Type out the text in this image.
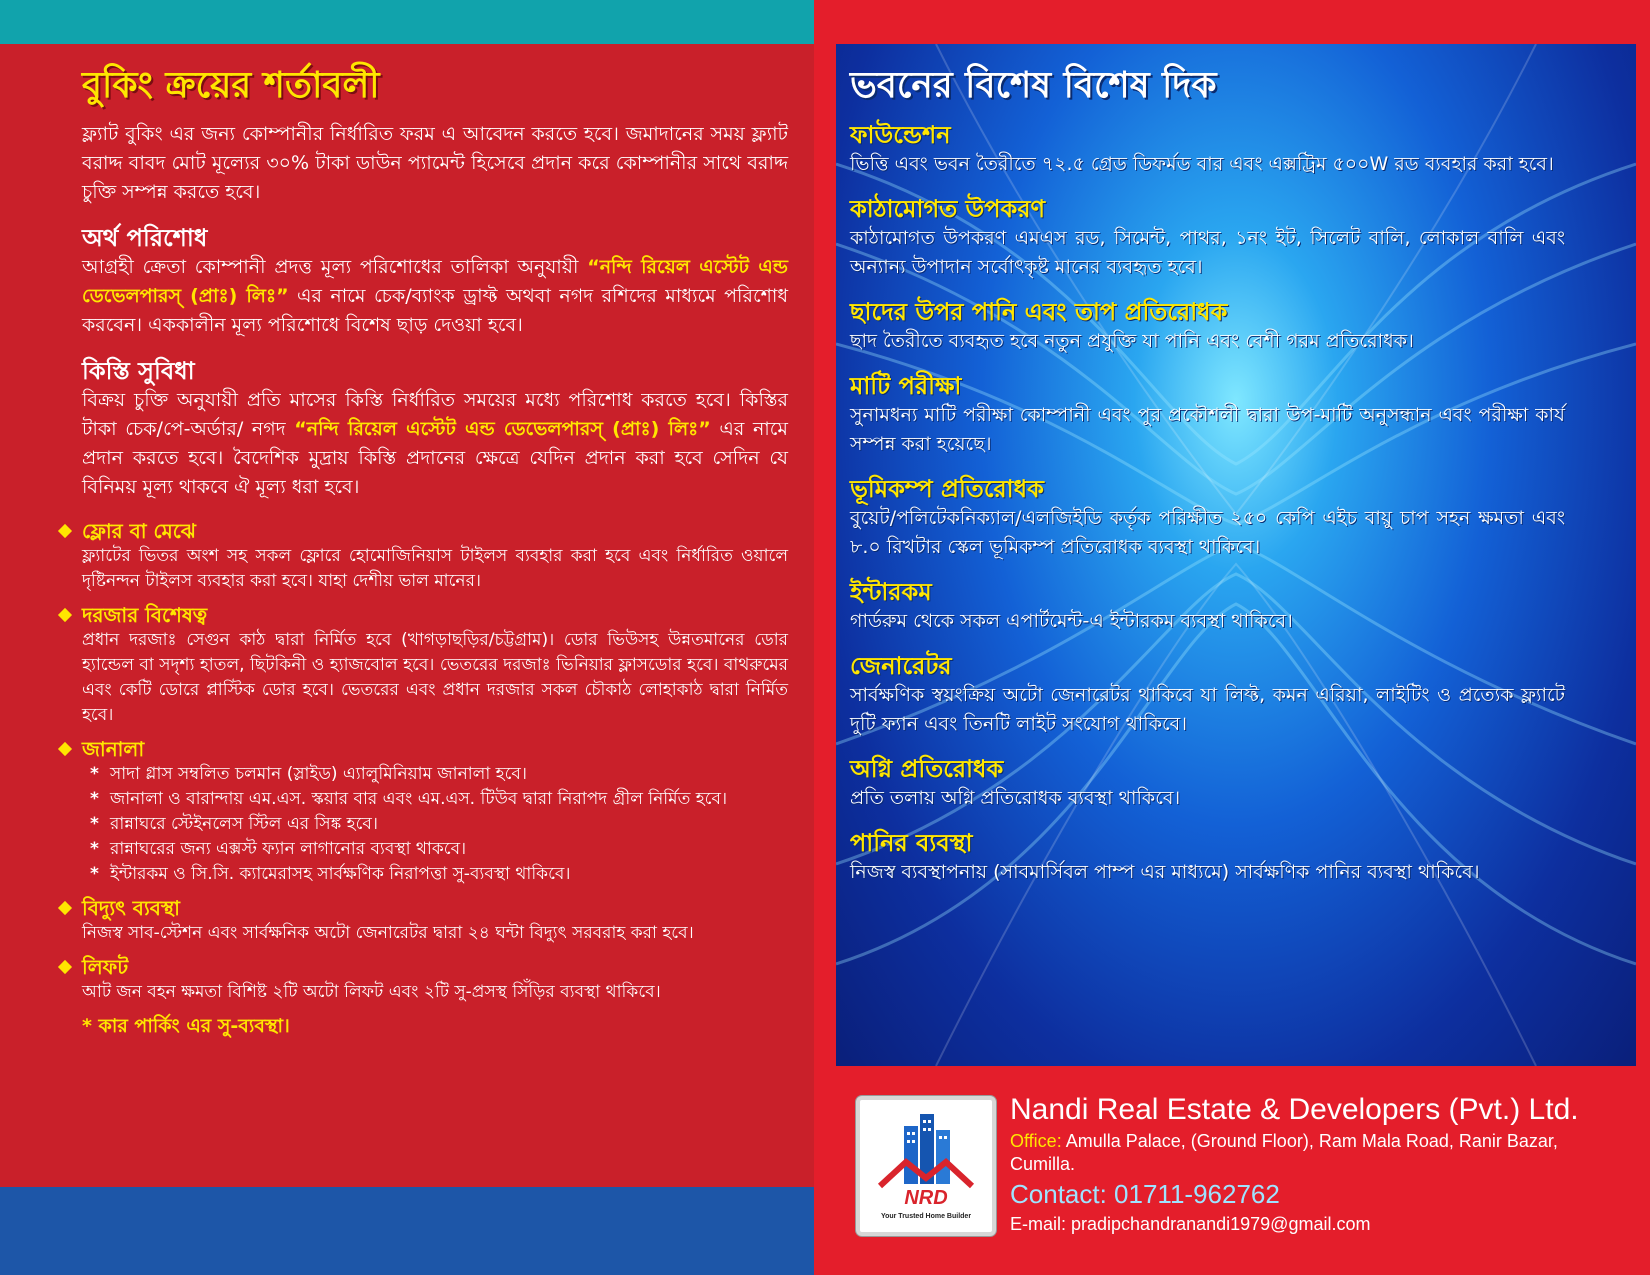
বুকিং ক্রয়ের শর্তাবলী

ফ্ল্যাট বুকিং এর জন্য কোম্পানীর নির্ধারিত ফরম এ আবেদন করতে হবে। জমাদানের সময় ফ্ল্যাট বরাদ্দ বাবদ মোট মূল্যের ৩০% টাকা ডাউন প্যামেন্ট হিসেবে প্রদান করে কোম্পানীর সাথে বরাদ্দ চুক্তি সম্পন্ন করতে হবে।

অর্থ পরিশোধ

আগ্রহী ক্রেতা কোম্পানী প্রদত্ত মূল্য পরিশোধের তালিকা অনুযায়ী “নন্দি রিয়েল এস্টেট এন্ড ডেভেলপারস্ (প্রাঃ) লিঃ” এর নামে চেক/ব্যাংক ড্রাফ্ট অথবা নগদ রশিদের মাধ্যমে পরিশোধ করবেন। এককালীন মূল্য পরিশোধে বিশেষ ছাড় দেওয়া হবে।

কিস্তি সুবিধা

বিক্রয় চুক্তি অনুযায়ী প্রতি মাসের কিস্তি নির্ধারিত সময়ের মধ্যে পরিশোধ করতে হবে। কিস্তির টাকা চেক/পে-অর্ডার/ নগদ “নন্দি রিয়েল এস্টেট এন্ড ডেভেলপারস্ (প্রাঃ) লিঃ” এর নামে প্রদান করতে হবে। বৈদেশিক মুদ্রায় কিস্তি প্রদানের ক্ষেত্রে যেদিন প্রদান করা হবে সেদিন যে বিনিময় মূল্য থাকবে ঐ মূল্য ধরা হবে।

ফ্লোর বা মেঝে

ফ্ল্যাটের ভিতর অংশ সহ সকল ফ্লোরে হোমোজিনিয়াস টাইলস ব্যবহার করা হবে এবং নির্ধারিত ওয়ালে দৃষ্টিনন্দন টাইলস ব্যবহার করা হবে। যাহা দেশীয় ভাল মানের।

দরজার বিশেষত্ব

প্রধান দরজাঃ সেগুন কাঠ দ্বারা নির্মিত হবে (খাগড়াছড়ির/চট্টগ্রাম)। ডোর ভিউসহ উন্নতমানের ডোর হ্যান্ডেল বা সদৃশ্য হাতল, ছিটকিনী ও হ্যাজবোল হবে। ভেতরের দরজাঃ ভিনিয়ার ফ্লাসডোর হবে। বাথরুমের এবং কেটি ডোরে প্লাস্টিক ডোর হবে। ভেতরের এবং প্রধান দরজার সকল চৌকাঠ লোহাকাঠ দ্বারা নির্মিত হবে।

জানালা
* সাদা গ্লাস সম্বলিত চলমান (স্লাইড) এ্যালুমিনিয়াম জানালা হবে।
* জানালা ও বারান্দায় এম.এস. স্কয়ার বার এবং এম.এস. টিউব দ্বারা নিরাপদ গ্রীল নির্মিত হবে।
* রান্নাঘরে স্টেইনলেস স্টিল এর সিঙ্ক হবে।
* রান্নাঘরের জন্য এক্সস্ট ফ্যান লাগানোর ব্যবস্থা থাকবে।
* ইন্টারকম ও সি.সি. ক্যামেরাসহ সার্বক্ষণিক নিরাপত্তা সু-ব্যবস্থা থাকিবে।
বিদ্যুৎ ব্যবস্থা

নিজস্ব সাব-স্টেশন এবং সার্বক্ষনিক অটো জেনারেটর দ্বারা ২৪ ঘন্টা বিদ্যুৎ সরবরাহ করা হবে।

লিফট

আট জন বহন ক্ষমতা বিশিষ্ট ২টি অটো লিফট এবং ২টি সু-প্রসস্থ সিঁড়ির ব্যবস্থা থাকিবে।

* কার পার্কিং এর সু-ব্যবস্থা।

ভবনের বিশেষ বিশেষ দিক
ফাউন্ডেশন

ভিত্তি এবং ভবন তৈরীতে ৭২.৫ গ্রেড ডিফর্মড বার এবং এক্সট্রিম ৫০০W রড ব্যবহার করা হবে।

কাঠামোগত উপকরণ

কাঠামোগত উপকরণ এমএস রড, সিমেন্ট, পাথর, ১নং ইট, সিলেট বালি, লোকাল বালি এবং অন্যান্য উপাদান সর্বোৎকৃষ্ট মানের ব্যবহৃত হবে।

ছাদের উপর পানি এবং তাপ প্রতিরোধক

ছাদ তৈরীতে ব্যবহৃত হবে নতুন প্রযুক্তি যা পানি এবং বেশী গরম প্রতিরোধক।

মাটি পরীক্ষা

সুনামধন্য মাটি পরীক্ষা কোম্পানী এবং পুর প্রকৌশলী দ্বারা উপ-মাটি অনুসন্ধান এবং পরীক্ষা কার্য সম্পন্ন করা হয়েছে।

ভূমিকম্প প্রতিরোধক

বুয়েট/পলিটেকনিক্যাল/এলজিইডি কর্তৃক পরিক্ষীত ২৫০ কেপি এইচ বায়ু চাপ সহন ক্ষমতা এবং ৮.০ রিখটার স্কেল ভূমিকম্প প্রতিরোধক ব্যবস্থা থাকিবে।

ইন্টারকম

গার্ডরুম থেকে সকল এপার্টমেন্ট-এ ইন্টারকম ব্যবস্থা থাকিবে।

জেনারেটর

সার্বক্ষণিক স্বয়ংক্রিয় অটো জেনারেটর থাকিবে যা লিফ্ট, কমন এরিয়া, লাইটিং ও প্রত্যেক ফ্ল্যাটে দুটি ফ্যান এবং তিনটি লাইট সংযোগ থাকিবে।

অগ্নি প্রতিরোধক

প্রতি তলায় অগ্নি প্রতিরোধক ব্যবস্থা থাকিবে।

পানির ব্যবস্থা

নিজস্ব ব্যবস্থাপনায় (সাবমার্সিবল পাম্প এর মাধ্যমে) সার্বক্ষণিক পানির ব্যবস্থা থাকিবে।

NRD
Your Trusted Home Builder
Nandi Real Estate & Developers (Pvt.) Ltd.
Office: Amulla Palace, (Ground Floor), Ram Mala Road, Ranir Bazar, Cumilla.
Contact: 01711-962762
E-mail: pradipchandranandi1979@gmail.com
